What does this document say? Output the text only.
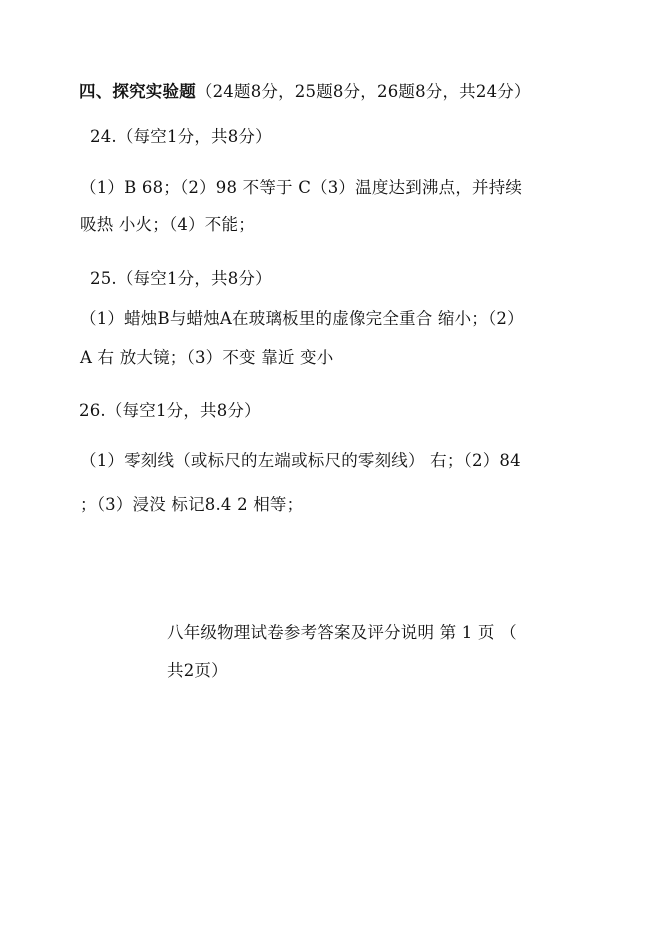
四、探究实验题（24题8分，25题8分，26题8分，共24分）
24.（每空1分，共8分）
（1）B 68；（2）98 不等于 C（3）温度达到沸点，并持续
吸热 小火；（4）不能；
25.（每空1分，共8分）
（1）蜡烛B与蜡烛A在玻璃板里的虚像完全重合 缩小；（2）
A 右 放大镜；（3）不变 靠近 变小
26.（每空1分，共8分）
（1）零刻线（或标尺的左端或标尺的零刻线） 右；（2）84
；（3）浸没 标记8.4 2 相等；
八年级物理试卷参考答案及评分说明 第 1 页 （
共2页）
